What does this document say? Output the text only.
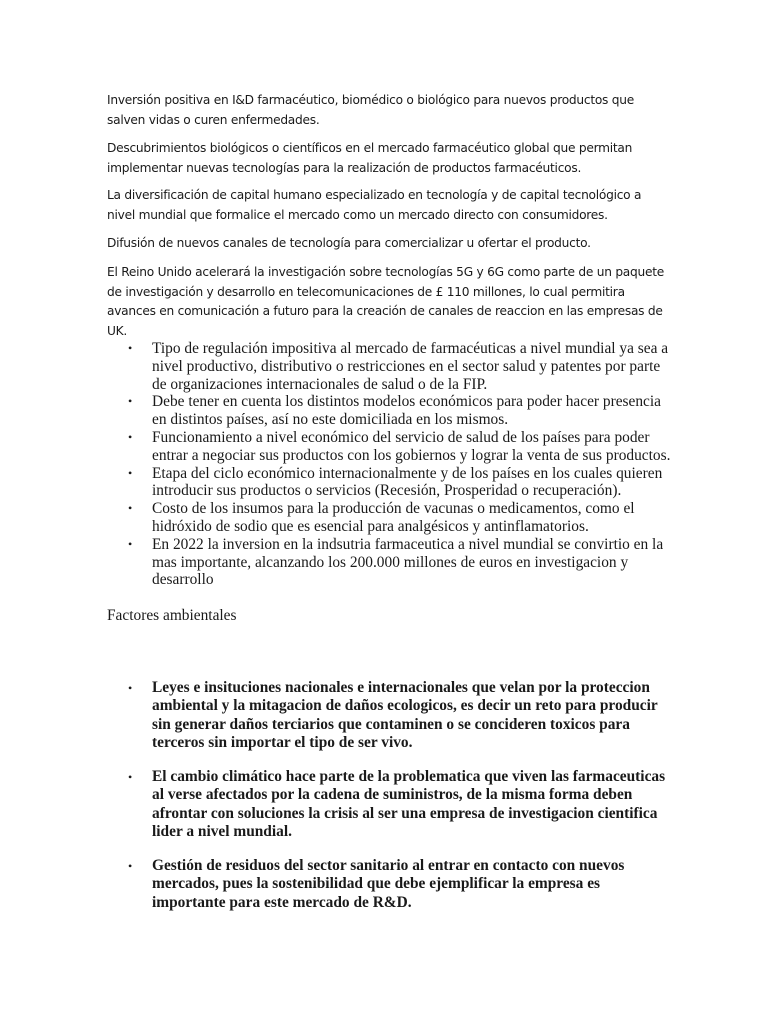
Inversión positiva en I&D farmacéutico, biomédico o biológico para nuevos productos que salven vidas o curen enfermedades.

Descubrimientos biológicos o científicos en el mercado farmacéutico global que permitan implementar nuevas tecnologías para la realización de productos farmacéuticos.

La diversificación de capital humano especializado en tecnología y de capital tecnológico a nivel mundial que formalice el mercado como un mercado directo con consumidores.

Difusión de nuevos canales de tecnología para comercializar u ofertar el producto.

El Reino Unido acelerará la investigación sobre tecnologías 5G y 6G como parte de un paquete de investigación y desarrollo en telecomunicaciones de £ 110 millones, lo cual permitira avances en comunicación a futuro para la creación de canales de reaccion en las empresas de UK.

• Tipo de regulación impositiva al mercado de farmacéuticas a nivel mundial ya sea a nivel productivo, distributivo o restricciones en el sector salud y patentes por parte de organizaciones internacionales de salud o de la FIP.
• Debe tener en cuenta los distintos modelos económicos para poder hacer presencia en distintos países, así no este domiciliada en los mismos.
• Funcionamiento a nivel económico del servicio de salud de los países para poder entrar a negociar sus productos con los gobiernos y lograr la venta de sus productos.
• Etapa del ciclo económico internacionalmente y de los países en los cuales quieren introducir sus productos o servicios (Recesión, Prosperidad o recuperación).
• Costo de los insumos para la producción de vacunas o medicamentos, como el hidróxido de sodio que es esencial para analgésicos y antinflamatorios.
• En 2022 la inversion en la indsutria farmaceutica a nivel mundial se convirtio en la mas importante, alcanzando los 200.000 millones de euros en investigacion y desarrollo
Factores ambientales
• Leyes e insituciones nacionales e internacionales que velan por la proteccion ambiental y la mitagacion de daños ecologicos, es decir un reto para producir sin generar daños terciarios que contaminen o se concideren toxicos para terceros sin importar el tipo de ser vivo.
• El cambio climático hace parte de la problematica que viven las farmaceuticas al verse afectados por la cadena de suministros, de la misma forma deben afrontar con soluciones la crisis al ser una empresa de investigacion cientifica lider a nivel mundial.
• Gestión de residuos del sector sanitario al entrar en contacto con nuevos mercados, pues la sostenibilidad que debe ejemplificar la empresa es importante para este mercado de R&D.
